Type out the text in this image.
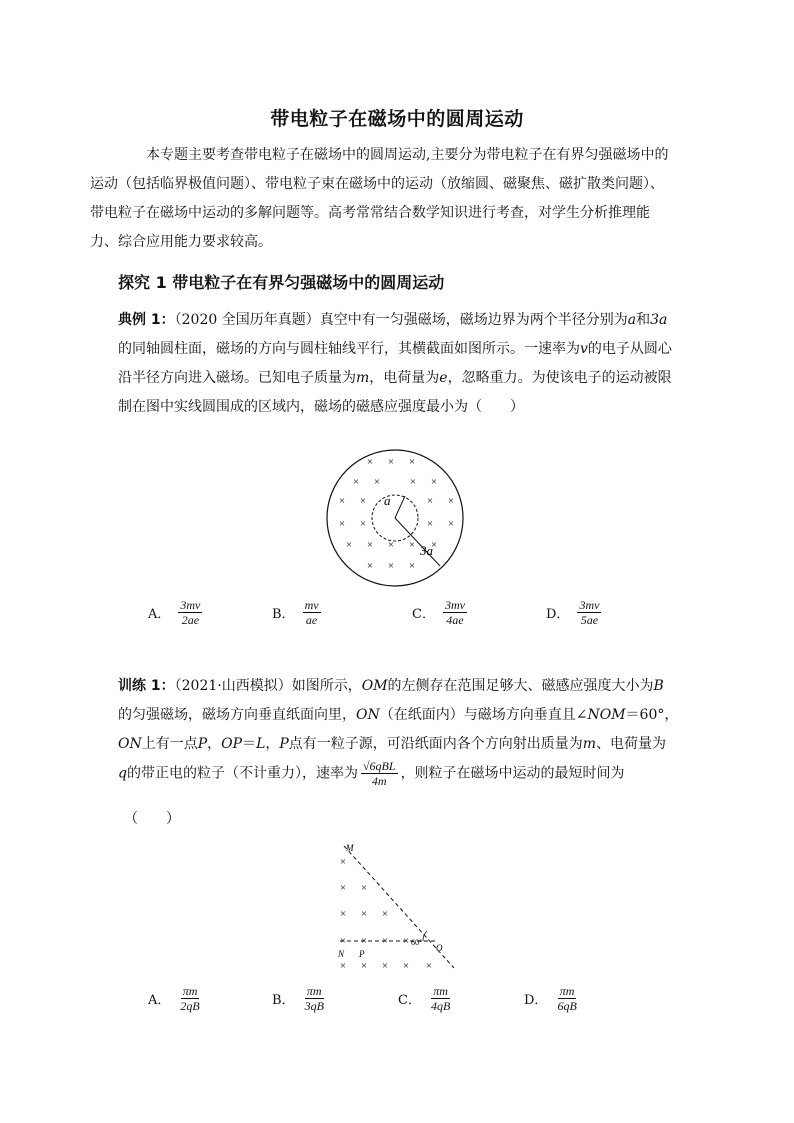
带电粒子在磁场中的圆周运动
本专题主要考查带电粒子在磁场中的圆周运动,主要分为带电粒子在有界匀强磁场中的
运动（包括临界极值问题）、带电粒子束在磁场中的运动（放缩圆、磁聚焦、磁扩散类问题）、
带电粒子在磁场中运动的多解问题等。高考常常结合数学知识进行考查，对学生分析推理能
力、综合应用能力要求较高。
探究 1 带电粒子在有界匀强磁场中的圆周运动
典例 1：（2020 全国历年真题）真空中有一匀强磁场，磁场边界为两个半径分别为a和3a
的同轴圆柱面，磁场的方向与圆柱轴线平行，其横截面如图所示。一速率为v的电子从圆心
沿半径方向进入磁场。已知电子质量为m，电荷量为e，忽略重力。为使该电子的运动被限
制在图中实线圆围成的区域内，磁场的磁感应强度最小为（　　）
× × ×
× ×	× ×
× ×	× ×
× ×	× ×
× × × × ×
× × ×
a
3a
A． $\frac{3mv}{2ae}$	B． $\frac{mv}{ae}$	C． $\frac{3mv}{4ae}$	D． $\frac{3mv}{5ae}$
训练 1：（2021·山西模拟）如图所示，OM的左侧存在范围足够大、磁感应强度大小为B
的匀强磁场，磁场方向垂直纸面向里，ON（在纸面内）与磁场方向垂直且∠NOM＝60°，
ON上有一点P，OP＝L，P点有一粒子源，可沿纸面内各个方向射出质量为m、电荷量为
q的带正电的粒子（不计重力），速率为 √6qBL
4m ，则粒子在磁场中运动的最短时间为
（　　）
×
× ×
× × ×
× × × ×
× × × × ×
M
N P
O
60°
A． $\frac{\pi m}{2qB}$	B． $\frac{\pi m}{3qB}$	C． $\frac{\pi m}{4qB}$	D． $\frac{\pi m}{6qB}$
